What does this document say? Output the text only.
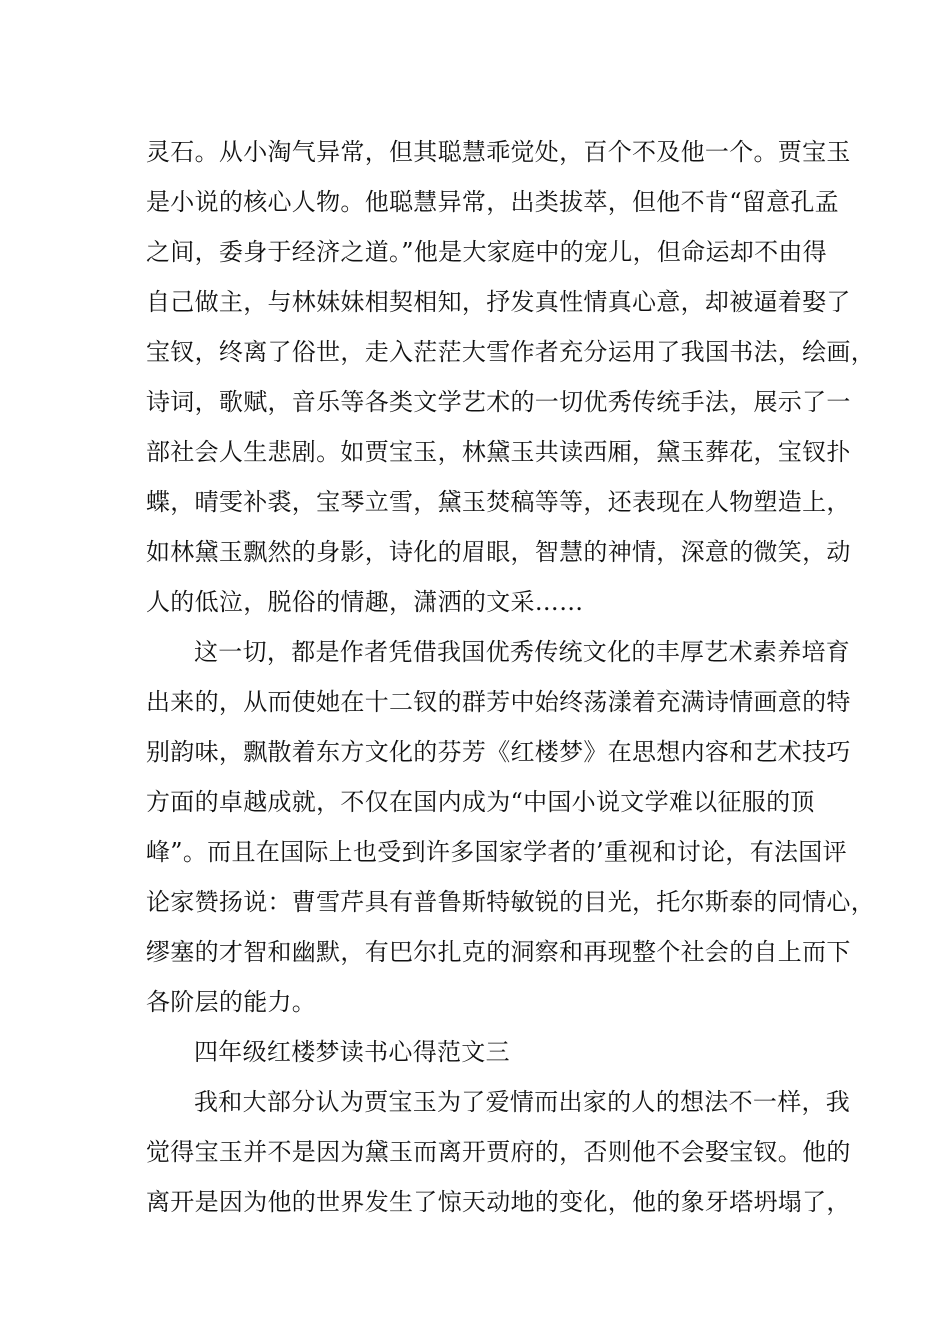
灵石。从小淘气异常，但其聪慧乖觉处，百个不及他一个。贾宝玉
是小说的核心人物。他聪慧异常，出类拔萃，但他不肯“留意孔孟
之间，委身于经济之道。”他是大家庭中的宠儿，但命运却不由得
自己做主，与林妹妹相契相知，抒发真性情真心意，却被逼着娶了
宝钗，终离了俗世，走入茫茫大雪作者充分运用了我国书法，绘画，
诗词，歌赋，音乐等各类文学艺术的一切优秀传统手法，展示了一
部社会人生悲剧。如贾宝玉，林黛玉共读西厢，黛玉葬花，宝钗扑
蝶，晴雯补裘，宝琴立雪，黛玉焚稿等等，还表现在人物塑造上，
如林黛玉飘然的身影，诗化的眉眼，智慧的神情，深意的微笑，动
人的低泣，脱俗的情趣，潇洒的文采……
这一切，都是作者凭借我国优秀传统文化的丰厚艺术素养培育
出来的，从而使她在十二钗的群芳中始终荡漾着充满诗情画意的特
别韵味，飘散着东方文化的芬芳《红楼梦》在思想内容和艺术技巧
方面的卓越成就，不仅在国内成为“中国小说文学难以征服的顶
峰”。而且在国际上也受到许多国家学者的’重视和讨论，有法国评
论家赞扬说：曹雪芹具有普鲁斯特敏锐的目光，托尔斯泰的同情心，
缪塞的才智和幽默，有巴尔扎克的洞察和再现整个社会的自上而下
各阶层的能力。
四年级红楼梦读书心得范文三
我和大部分认为贾宝玉为了爱情而出家的人的想法不一样，我
觉得宝玉并不是因为黛玉而离开贾府的，否则他不会娶宝钗。他的
离开是因为他的世界发生了惊天动地的变化，他的象牙塔坍塌了，
